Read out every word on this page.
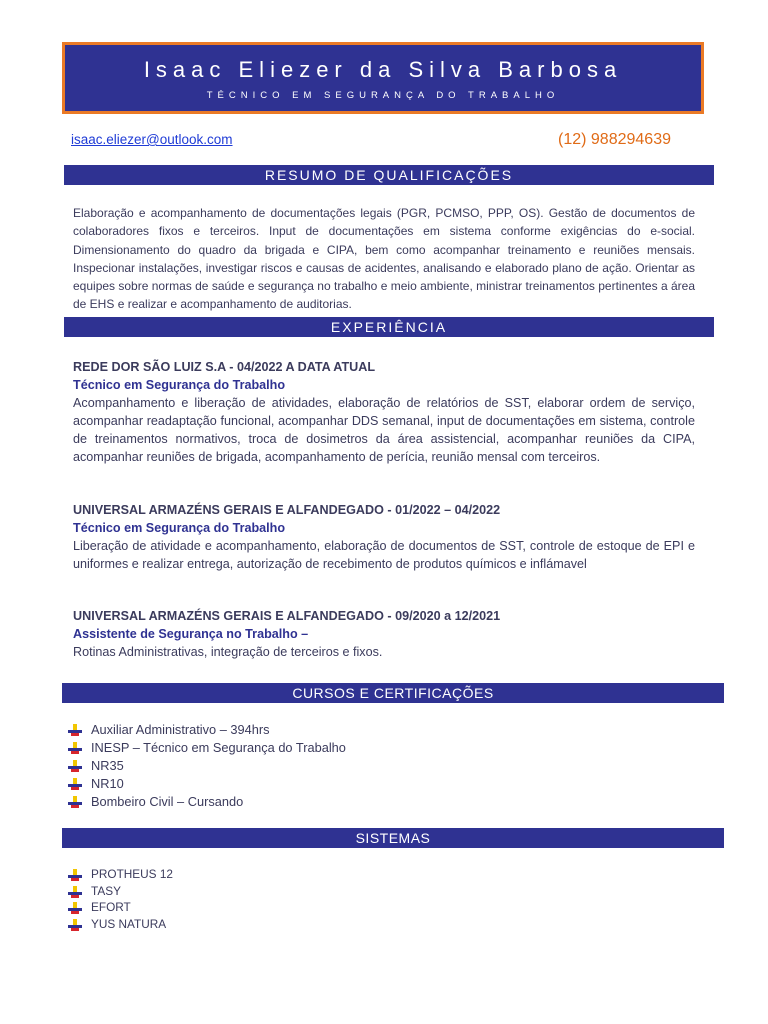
Isaac Eliezer da Silva Barbosa
TÉCNICO EM SEGURANÇA DO TRABALHO
isaac.eliezer@outlook.com	(12) 988294639
RESUMO DE QUALIFICAÇÕES
Elaboração e acompanhamento de documentações legais (PGR, PCMSO, PPP, OS). Gestão de documentos de colaboradores fixos e terceiros. Input de documentações em sistema conforme exigências do e-social. Dimensionamento do quadro da brigada e CIPA, bem como acompanhar treinamento e reuniões mensais. Inspecionar instalações, investigar riscos e causas de acidentes, analisando e elaborado plano de ação. Orientar as equipes sobre normas de saúde e segurança no trabalho e meio ambiente, ministrar treinamentos pertinentes a área de EHS e realizar e acompanhamento de auditorias.
EXPERIÊNCIA
REDE DOR SÃO LUIZ S.A - 04/2022 A DATA ATUAL
Técnico em Segurança do Trabalho
Acompanhamento e liberação de atividades, elaboração de relatórios de SST, elaborar ordem de serviço, acompanhar readaptação funcional, acompanhar DDS semanal, input de documentações em sistema, controle de treinamentos normativos, troca de dosimetros da área assistencial, acompanhar reuniões da CIPA, acompanhar reuniões de brigada, acompanhamento de perícia, reunião mensal com terceiros.
UNIVERSAL ARMAZÉNS GERAIS E ALFANDEGADO - 01/2022 – 04/2022
Técnico em Segurança do Trabalho
Liberação de atividade e acompanhamento, elaboração de documentos de SST, controle de estoque de EPI e uniformes e realizar entrega, autorização de recebimento de produtos químicos e inflámavel
UNIVERSAL ARMAZÉNS GERAIS E ALFANDEGADO - 09/2020 a 12/2021
Assistente de Segurança no Trabalho –
Rotinas Administrativas, integração de terceiros e fixos.
CURSOS E CERTIFICAÇÕES
Auxiliar Administrativo – 394hrs
INESP – Técnico em Segurança do Trabalho
NR35
NR10
Bombeiro Civil – Cursando
SISTEMAS
PROTHEUS 12
TASY
EFORT
YUS NATURA
